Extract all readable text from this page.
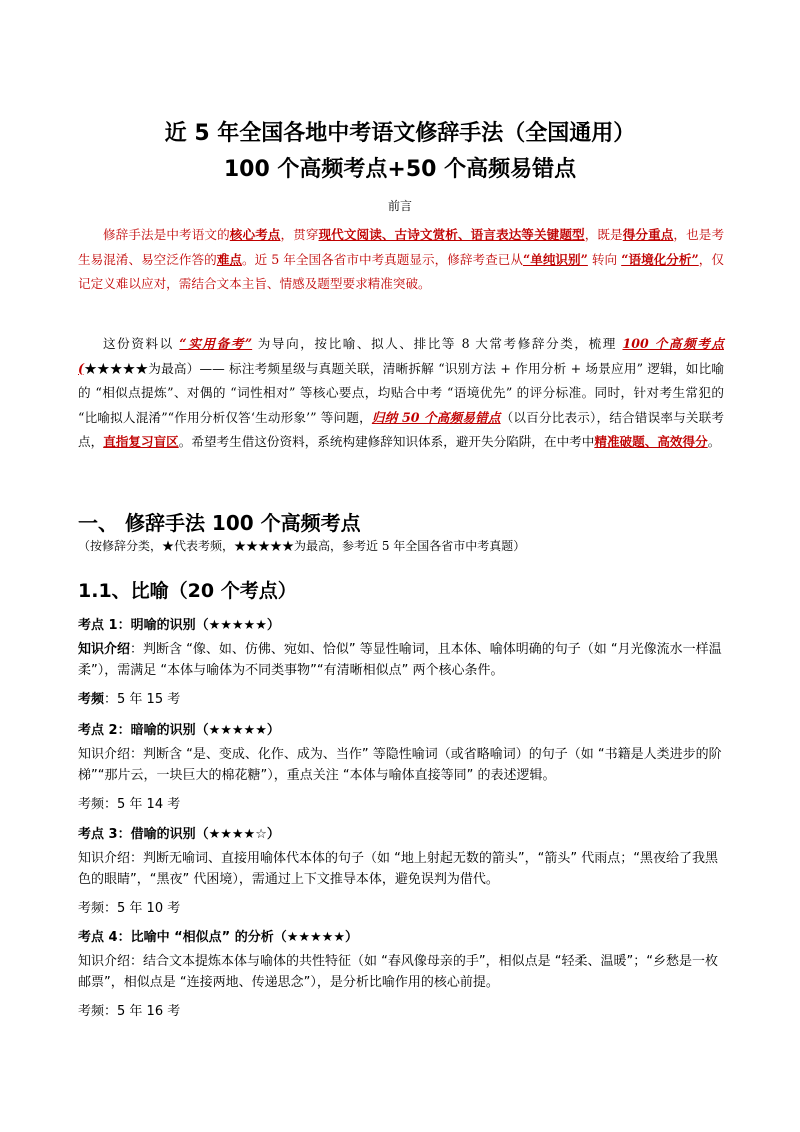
近 5 年全国各地中考语文修辞手法（全国通用）
100 个高频考点+50 个高频易错点
前言
修辞手法是中考语文的核心考点，贯穿现代文阅读、古诗文赏析、语言表达等关键题型，既是得分重点，也是考生易混淆、易空泛作答的难点。近 5 年全国各省市中考真题显示，修辞考查已从“单纯识别” 转向 “语境化分析”，仅记定义难以应对，需结合文本主旨、情感及题型要求精准突破。
这份资料以 “实用备考” 为导向，按比喻、拟人、排比等 8 大常考修辞分类，梳理 100 个高频考点 (★★★★★为最高）—— 标注考频星级与真题关联，清晰拆解 “识别方法 + 作用分析 + 场景应用” 逻辑，如比喻的 “相似点提炼”、对偶的 “词性相对” 等核心要点，均贴合中考 “语境优先” 的评分标准。同时，针对考生常犯的 “比喻拟人混淆”“作用分析仅答‘生动形象’” 等问题，归纳 50 个高频易错点（以百分比表示），结合错误率与关联考点，直指复习盲区。希望考生借这份资料，系统构建修辞知识体系，避开失分陷阱，在中考中精准破题、高效得分。
一、 修辞手法 100 个高频考点
（按修辞分类，★代表考频，★★★★★为最高，参考近 5 年全国各省市中考真题）
1.1、比喻（20 个考点）
考点 1：明喻的识别（★★★★★）
知识介绍：判断含 “像、如、仿佛、宛如、恰似” 等显性喻词，且本体、喻体明确的句子（如 “月光像流水一样温柔”），需满足 “本体与喻体为不同类事物”“有清晰相似点” 两个核心条件。
考频：5 年 15 考
考点 2：暗喻的识别（★★★★★）
知识介绍：判断含 “是、变成、化作、成为、当作” 等隐性喻词（或省略喻词）的句子（如 “书籍是人类进步的阶梯”“那片云，一块巨大的棉花糖”），重点关注 “本体与喻体直接等同” 的表述逻辑。
考频：5 年 14 考
考点 3：借喻的识别（★★★★☆）
知识介绍：判断无喻词、直接用喻体代本体的句子（如 “地上射起无数的箭头”，“箭头” 代雨点；“黑夜给了我黑色的眼睛”，“黑夜” 代困境），需通过上下文推导本体，避免误判为借代。
考频：5 年 10 考
考点 4：比喻中 “相似点” 的分析（★★★★★）
知识介绍：结合文本提炼本体与喻体的共性特征（如 “春风像母亲的手”，相似点是 “轻柔、温暖”；“乡愁是一枚邮票”，相似点是 “连接两地、传递思念”），是分析比喻作用的核心前提。
考频：5 年 16 考
